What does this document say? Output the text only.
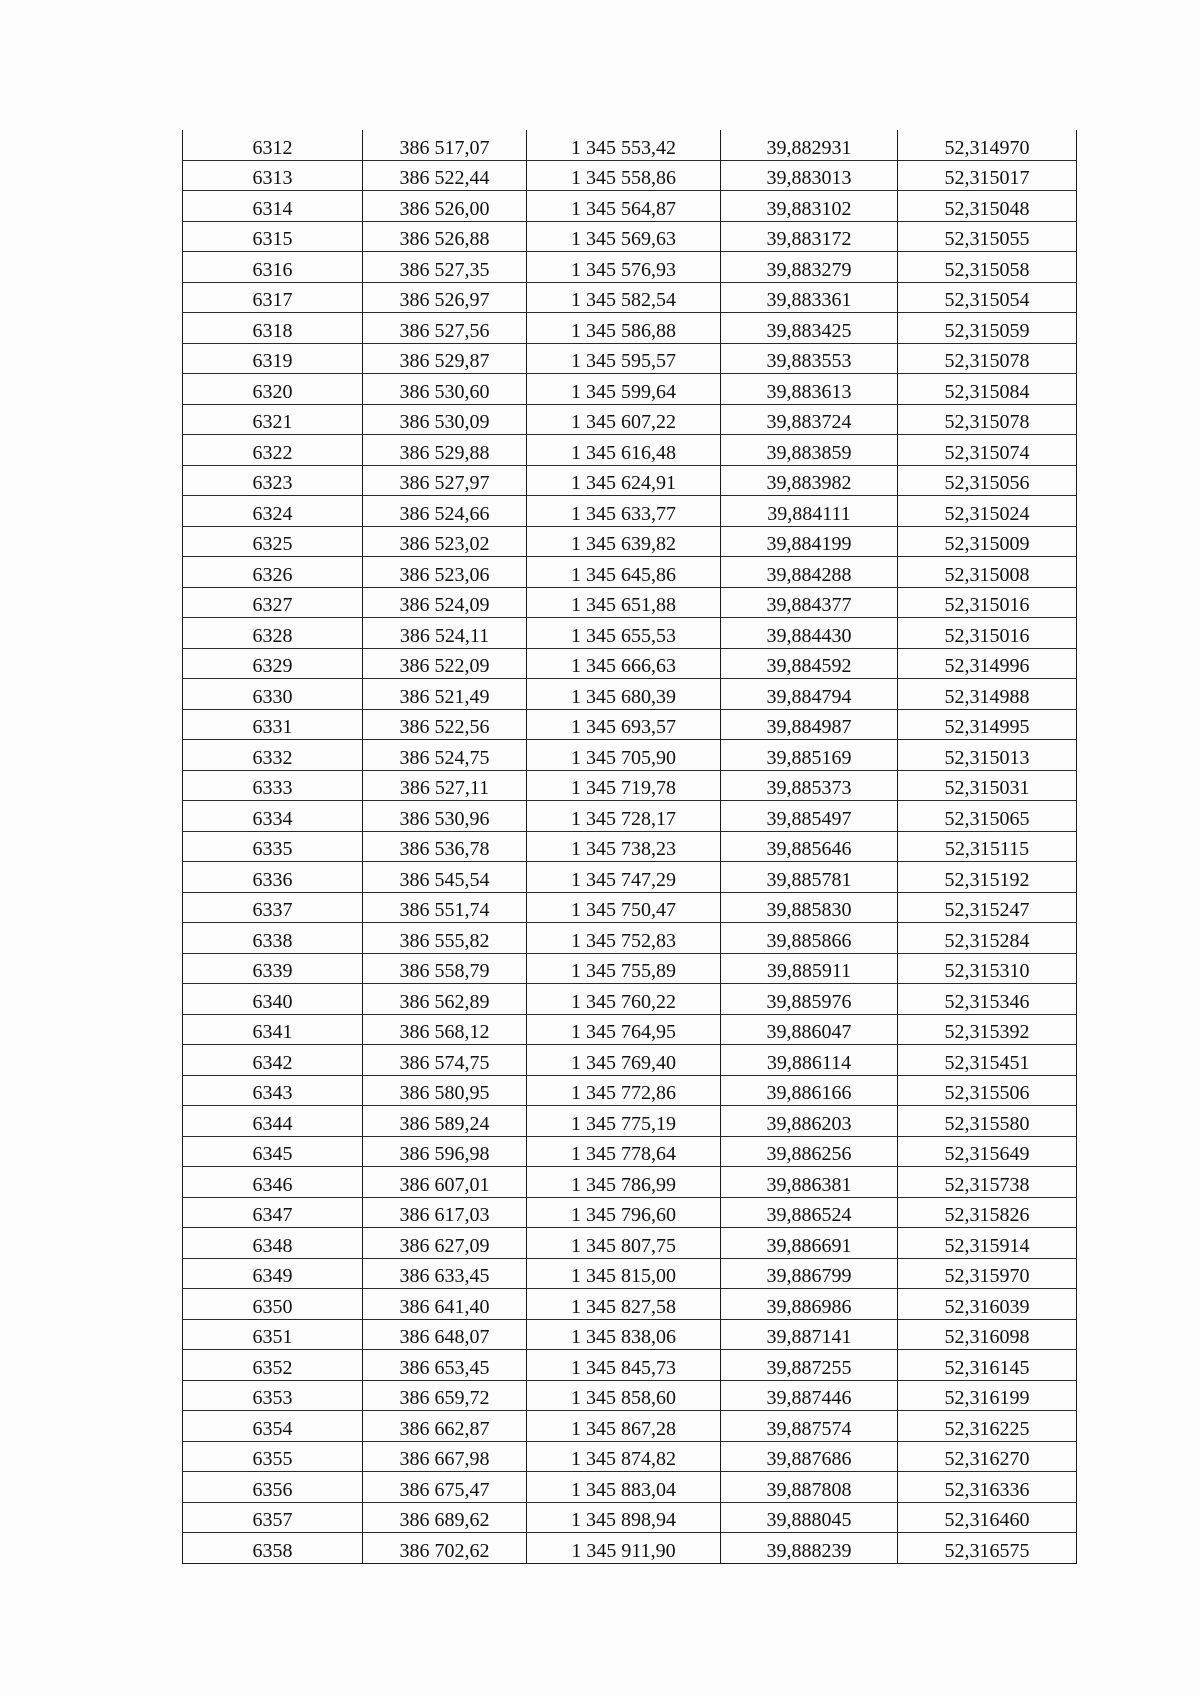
6312	386 517,07	1 345 553,42	39,882931	52,314970
6313	386 522,44	1 345 558,86	39,883013	52,315017
6314	386 526,00	1 345 564,87	39,883102	52,315048
6315	386 526,88	1 345 569,63	39,883172	52,315055
6316	386 527,35	1 345 576,93	39,883279	52,315058
6317	386 526,97	1 345 582,54	39,883361	52,315054
6318	386 527,56	1 345 586,88	39,883425	52,315059
6319	386 529,87	1 345 595,57	39,883553	52,315078
6320	386 530,60	1 345 599,64	39,883613	52,315084
6321	386 530,09	1 345 607,22	39,883724	52,315078
6322	386 529,88	1 345 616,48	39,883859	52,315074
6323	386 527,97	1 345 624,91	39,883982	52,315056
6324	386 524,66	1 345 633,77	39,884111	52,315024
6325	386 523,02	1 345 639,82	39,884199	52,315009
6326	386 523,06	1 345 645,86	39,884288	52,315008
6327	386 524,09	1 345 651,88	39,884377	52,315016
6328	386 524,11	1 345 655,53	39,884430	52,315016
6329	386 522,09	1 345 666,63	39,884592	52,314996
6330	386 521,49	1 345 680,39	39,884794	52,314988
6331	386 522,56	1 345 693,57	39,884987	52,314995
6332	386 524,75	1 345 705,90	39,885169	52,315013
6333	386 527,11	1 345 719,78	39,885373	52,315031
6334	386 530,96	1 345 728,17	39,885497	52,315065
6335	386 536,78	1 345 738,23	39,885646	52,315115
6336	386 545,54	1 345 747,29	39,885781	52,315192
6337	386 551,74	1 345 750,47	39,885830	52,315247
6338	386 555,82	1 345 752,83	39,885866	52,315284
6339	386 558,79	1 345 755,89	39,885911	52,315310
6340	386 562,89	1 345 760,22	39,885976	52,315346
6341	386 568,12	1 345 764,95	39,886047	52,315392
6342	386 574,75	1 345 769,40	39,886114	52,315451
6343	386 580,95	1 345 772,86	39,886166	52,315506
6344	386 589,24	1 345 775,19	39,886203	52,315580
6345	386 596,98	1 345 778,64	39,886256	52,315649
6346	386 607,01	1 345 786,99	39,886381	52,315738
6347	386 617,03	1 345 796,60	39,886524	52,315826
6348	386 627,09	1 345 807,75	39,886691	52,315914
6349	386 633,45	1 345 815,00	39,886799	52,315970
6350	386 641,40	1 345 827,58	39,886986	52,316039
6351	386 648,07	1 345 838,06	39,887141	52,316098
6352	386 653,45	1 345 845,73	39,887255	52,316145
6353	386 659,72	1 345 858,60	39,887446	52,316199
6354	386 662,87	1 345 867,28	39,887574	52,316225
6355	386 667,98	1 345 874,82	39,887686	52,316270
6356	386 675,47	1 345 883,04	39,887808	52,316336
6357	386 689,62	1 345 898,94	39,888045	52,316460
6358	386 702,62	1 345 911,90	39,888239	52,316575
